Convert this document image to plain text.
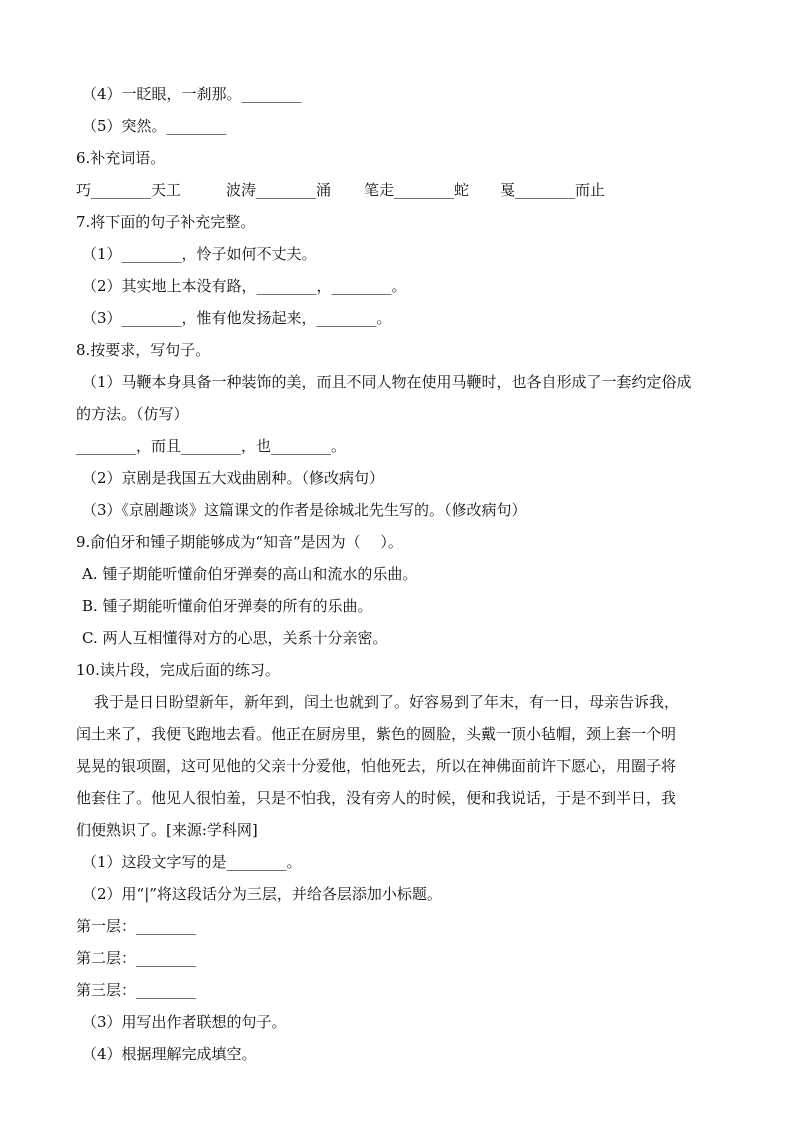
（4）一眨眼，一刹那。________
（5）突然。________
6.补充词语。
巧________天工	波涛________涌 笔走________蛇 戛________而止
7.将下面的句子补充完整。
（1）________，怜子如何不丈夫。
（2）其实地上本没有路，________，________。
（3）________，惟有他发扬起来，________。
8.按要求，写句子。
（1）马鞭本身具备一种装饰的美，而且不同人物在使用马鞭时，也各自形成了一套约定俗成
的方法。（仿写）
________，而且________，也________。
（2）京剧是我国五大戏曲剧种。（修改病句）
（3）《京剧趣谈》这篇课文的作者是徐城北先生写的。（修改病句）
9.俞伯牙和锺子期能够成为“知音”是因为（　 ）。
A. 锺子期能听懂俞伯牙弹奏的高山和流水的乐曲。
B. 锺子期能听懂俞伯牙弹奏的所有的乐曲。
C. 两人互相懂得对方的心思，关系十分亲密。
10.读片段，完成后面的练习。
我于是日日盼望新年，新年到，闰土也就到了。好容易到了年末，有一日，母亲告诉我，
闰土来了，我便飞跑地去看。他正在厨房里，紫色的圆脸，头戴一顶小毡帽，颈上套一个明
晃晃的银项圈，这可见他的父亲十分爱他，怕他死去，所以在神佛面前许下愿心，用圈子将
他套住了。他见人很怕羞，只是不怕我，没有旁人的时候，便和我说话，于是不到半日，我
们便熟识了。[来源:学科网]
（1）这段文字写的是________。
（2）用“|”将这段话分为三层，并给各层添加小标题。
第一层：________
第二层：________
第三层：________
（3）用写出作者联想的句子。
（4）根据理解完成填空。
